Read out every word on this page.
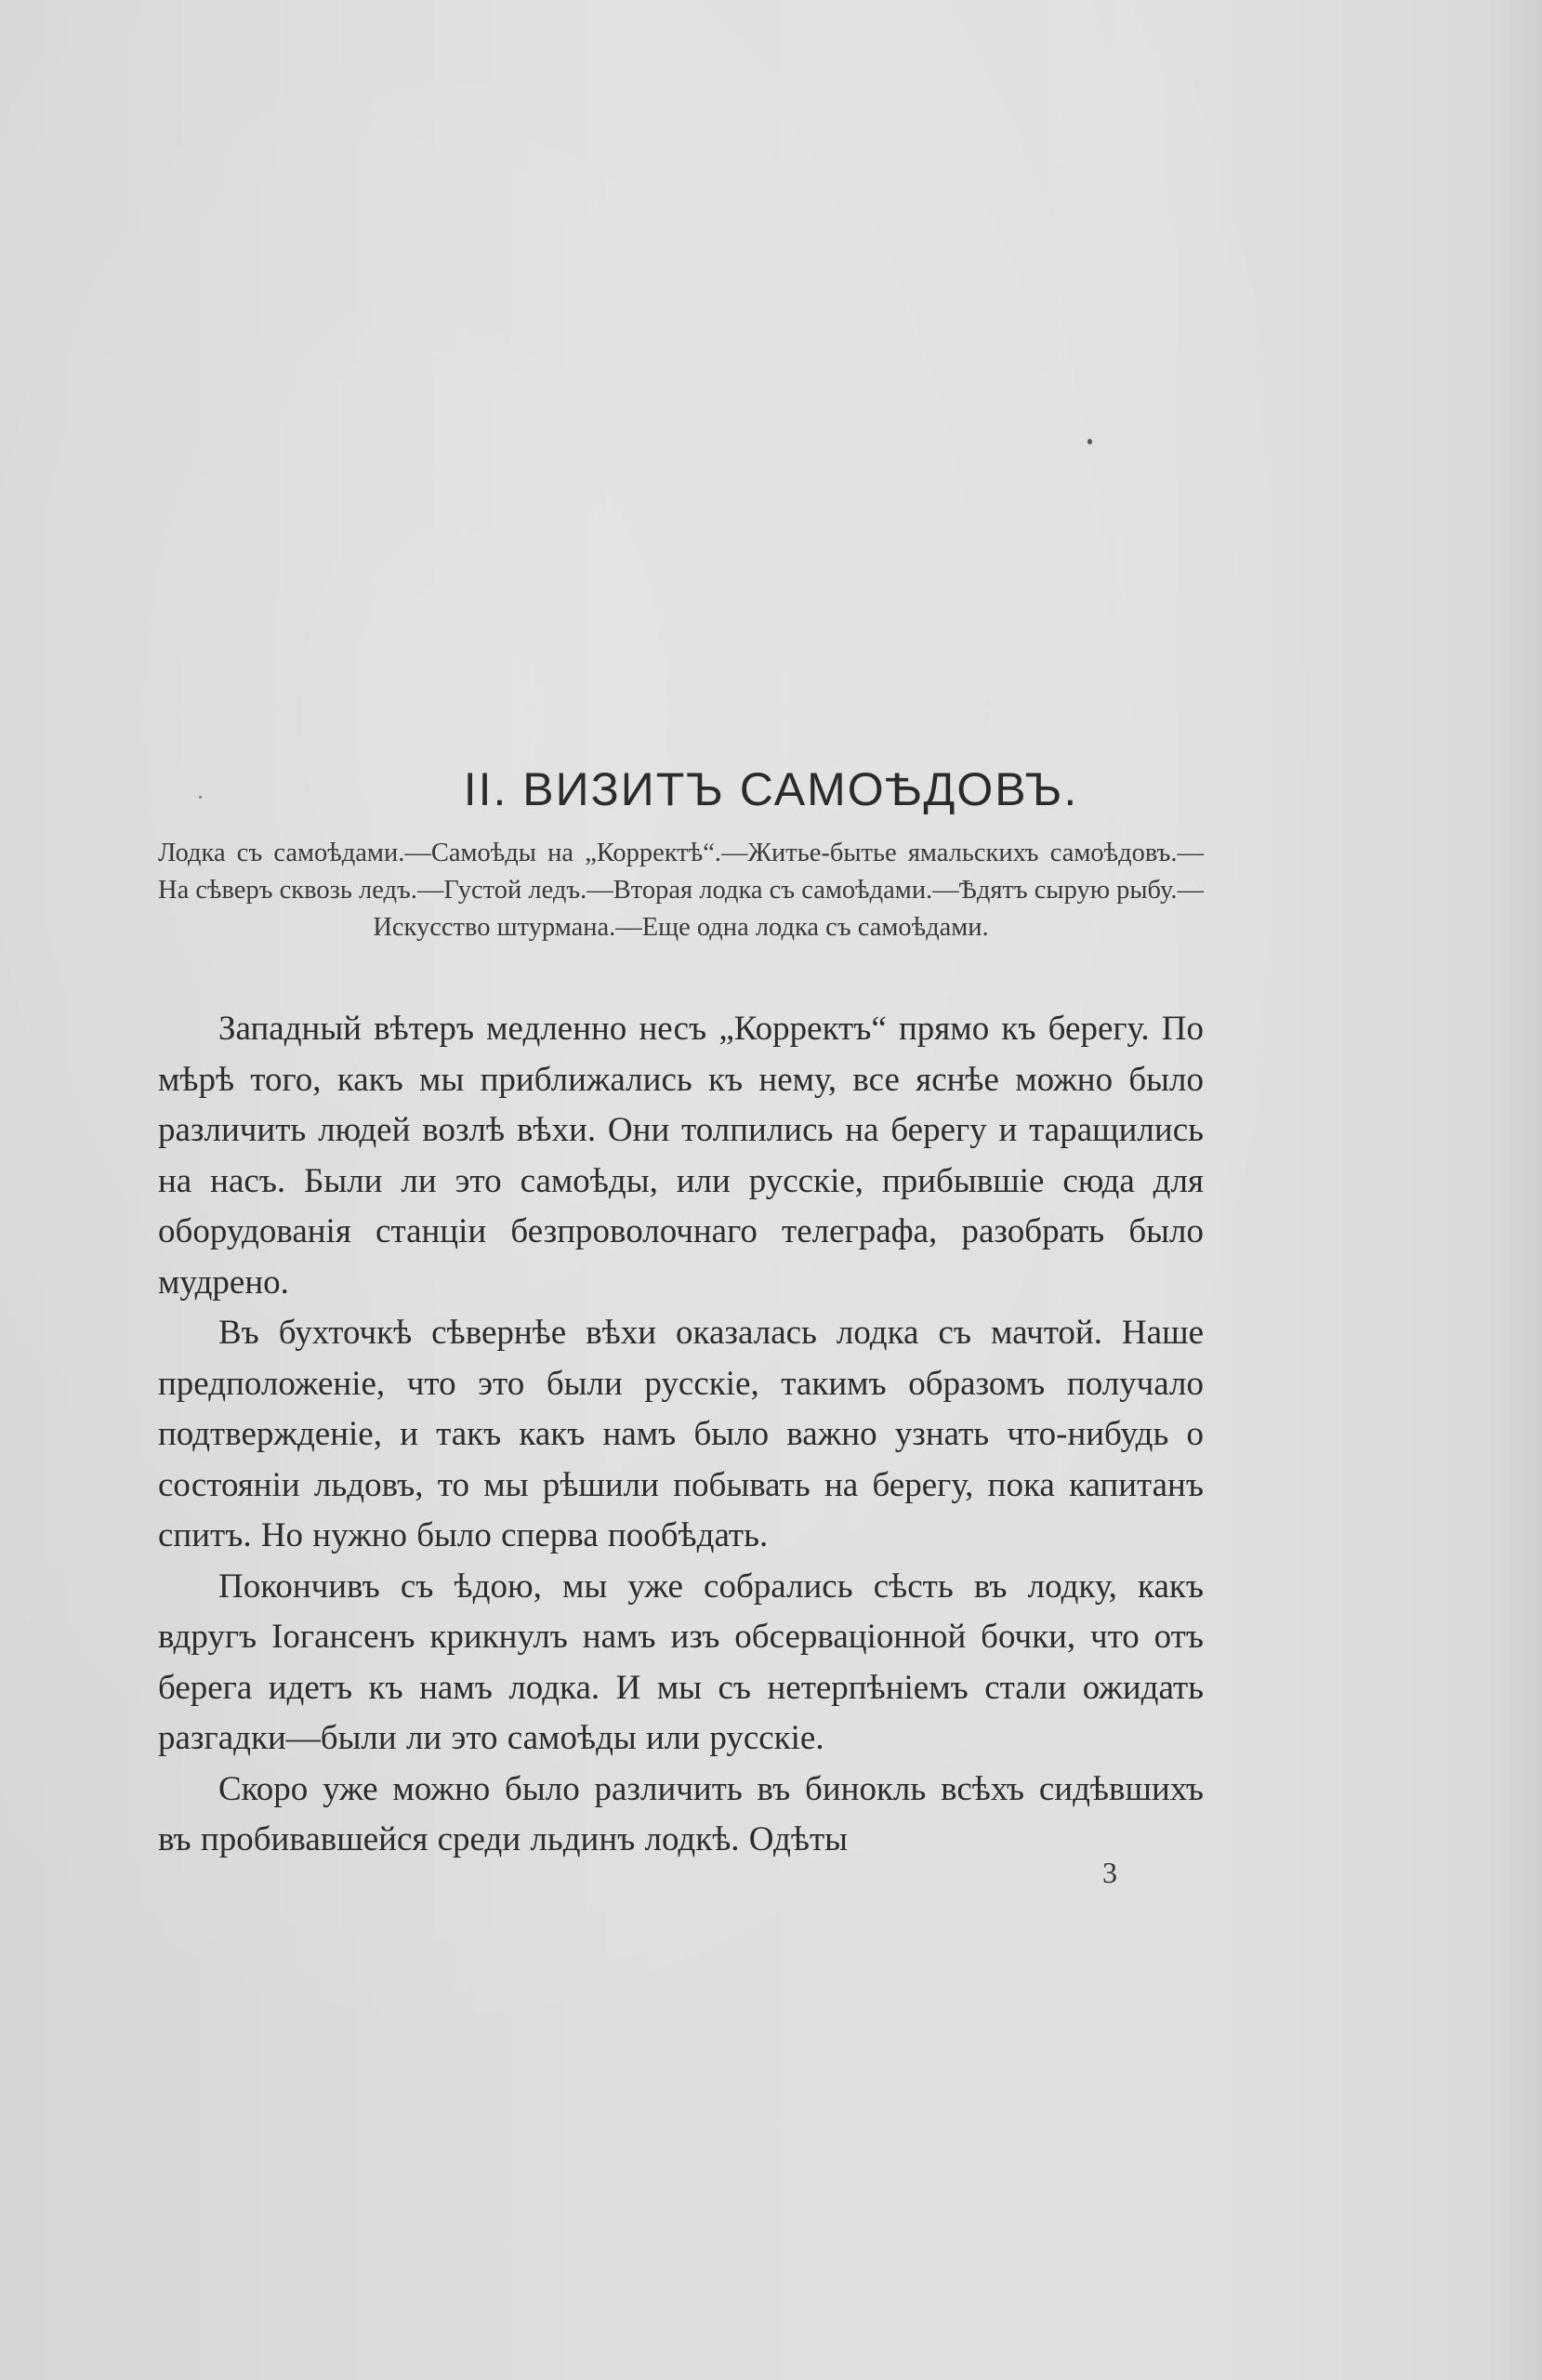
II. ВИЗИТЪ САМОѢДОВЪ.

Лодка съ самоѣдами.—Самоѣды на „Корректѣ“.—Житье-бытье ямальскихъ самоѣдовъ.—На сѣверъ сквозь ледъ.—Густой ледъ.—Вторая лодка съ самоѣдами.—Ѣдятъ сырую рыбу.—Искусство штурмана.—Еще одна лодка съ самоѣдами.

Западный вѣтеръ медленно несъ „Корректъ“ прямо къ берегу. По мѣрѣ того, какъ мы приближались къ нему, все яснѣе можно было различить людей возлѣ вѣхи. Они толпились на берегу и таращились на насъ. Были ли это самоѣды, или русскіе, прибывшіе сюда для оборудованія станціи безпроволочнаго телеграфа, разобрать было мудрено.

Въ бухточкѣ сѣвернѣе вѣхи оказалась лодка съ мачтой. Наше предположеніе, что это были русскіе, такимъ образомъ получало подтвержденіе, и такъ какъ намъ было важно узнать что-нибудь о состояніи льдовъ, то мы рѣшили побывать на берегу, пока капитанъ спитъ. Но нужно было сперва пообѣдать.

Покончивъ съ ѣдою, мы уже собрались сѣсть въ лодку, какъ вдругъ Іогансенъ крикнулъ намъ изъ обсерваціонной бочки, что отъ берега идетъ къ намъ лодка. И мы съ нетерпѣніемъ стали ожидать разгадки—были ли это самоѣды или русскіе.

Скоро уже можно было различить въ бинокль всѣхъ сидѣвшихъ въ пробивавшейся среди льдинъ лодкѣ. Одѣты

3
